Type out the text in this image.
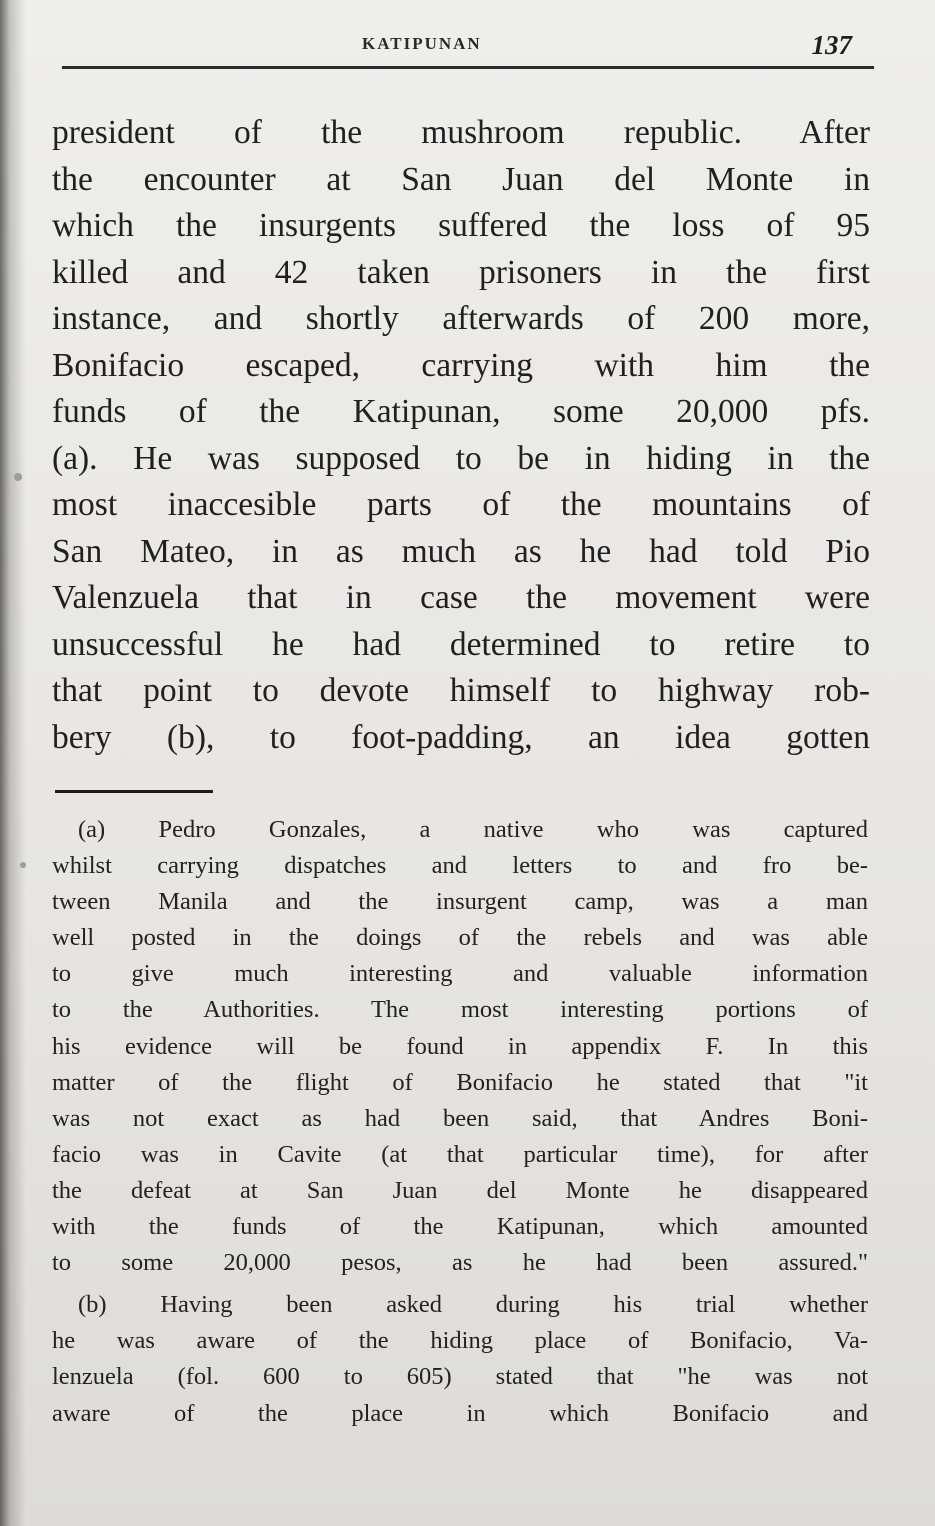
KATIPUNAN	137
president of the mushroom republic. After
the encounter at San Juan del Monte in
which the insurgents suffered the loss of 95
killed and 42 taken prisoners in the first
instance, and shortly afterwards of 200 more,
Bonifacio escaped, carrying with him the
funds of the Katipunan, some 20,000 pfs.
(a). He was supposed to be in hiding in the
most inaccesible parts of the mountains of
San Mateo, in as much as he had told Pio
Valenzuela that in case the movement were
unsuccessful he had determined to retire to
that point to devote himself to highway rob-
bery (b), to foot-padding, an idea gotten
(a) Pedro Gonzales, a native who was captured
whilst carrying dispatches and letters to and fro be-
tween Manila and the insurgent camp, was a man
well posted in the doings of the rebels and was able
to give much interesting and valuable information
to the Authorities. The most interesting portions of
his evidence will be found in appendix F. In this
matter of the flight of Bonifacio he stated that "it
was not exact as had been said, that Andres Boni-
facio was in Cavite (at that particular time), for after
the defeat at San Juan del Monte he disappeared
with the funds of the Katipunan, which amounted
to some 20,000 pesos, as he had been assured."
(b) Having been asked during his trial whether
he was aware of the hiding place of Bonifacio, Va-
lenzuela (fol. 600 to 605) stated that "he was not
aware of the place in which Bonifacio and
